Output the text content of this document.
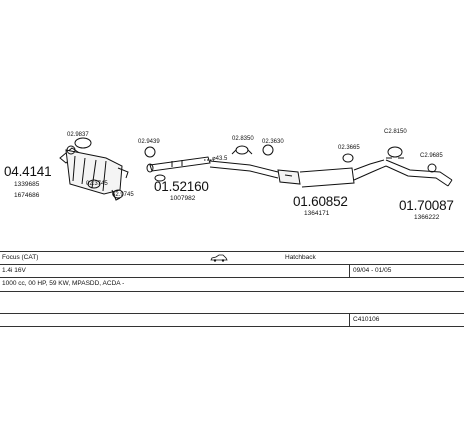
04.4141
1339685
1674686
01.52160
1007982	01.60852
1364171
01.70087
1366222
02.9837
02.3745
02.9745
02.9439	02.8350 02.3630
02.3665
C2.8150
C2.9685
⌀43.5
Focus (CAT)	Hatchback
1.4i 16V	09/04 - 01/05
1000 cc, 00 HP, 59 KW, MPASDD, ACDA -
C410106
